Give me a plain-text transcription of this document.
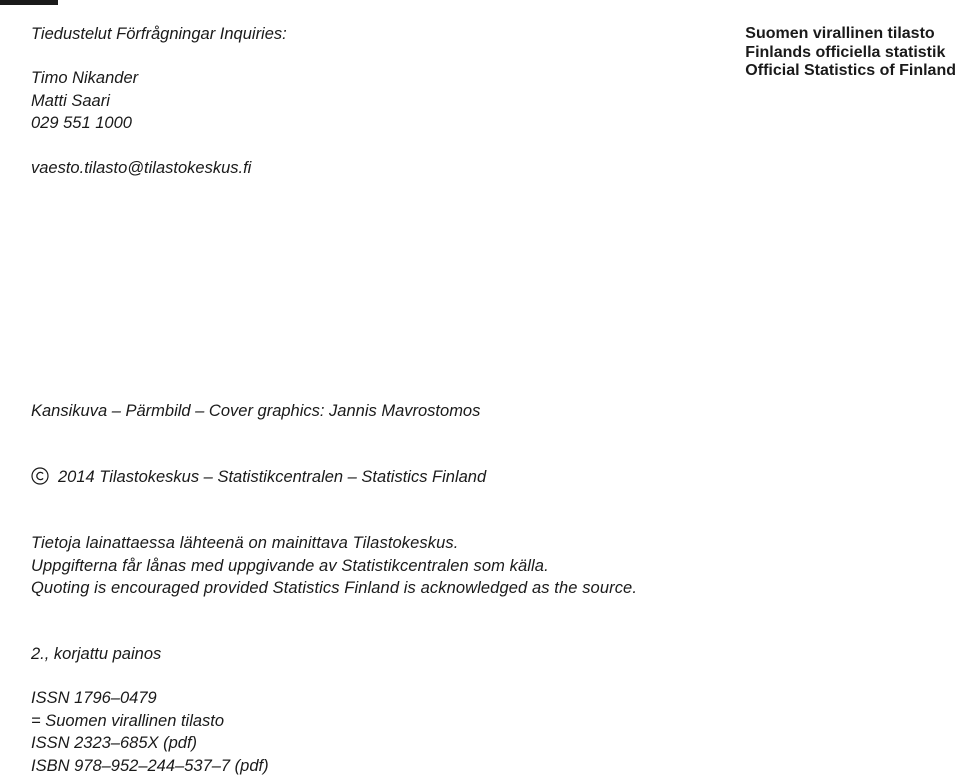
Tiedustelut Förfrågningar Inquiries:
Timo Nikander
Matti Saari
029 551 1000
vaesto.tilasto@tilastokeskus.fi
Suomen virallinen tilasto
Finlands officiella statistik
Official Statistics of Finland
Kansikuva – Pärmbild – Cover graphics: Jannis Mavrostomos
2014 Tilastokeskus – Statistikcentralen – Statistics Finland
Tietoja lainattaessa lähteenä on mainittava Tilastokeskus.
Uppgifterna får lånas med uppgivande av Statistikcentralen som källa.
Quoting is encouraged provided Statistics Finland is acknowledged as the source.
2., korjattu painos
ISSN 1796–0479
= Suomen virallinen tilasto
ISSN 2323–685X (pdf)
ISBN 978–952–244–537–7 (pdf)
